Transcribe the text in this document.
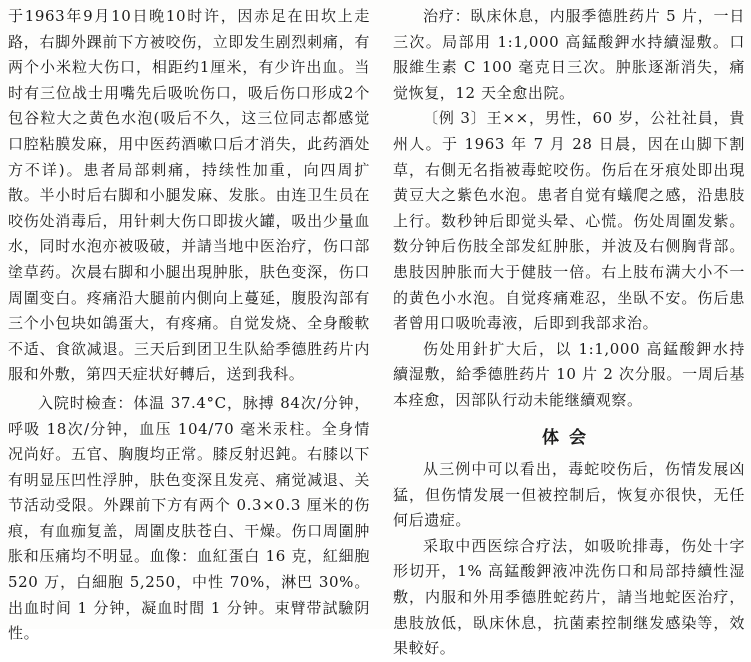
于1963年9月10日晚10时许，因赤足在田坎上走路，右脚外踝前下方被咬伤，立即发生剧烈刺痛，有两个小米粒大伤口，相距约1厘米，有少许出血。当时有三位战士用嘴先后吸吮伤口，吸后伤口形成2个包谷粒大之黄色水泡(吸后不久，这三位同志都感觉口腔粘膜发麻，用中医药酒嗽口后才消失，此药酒处方不详)。患者局部剌痛，持续性加重，向四周扩散。半小时后右脚和小腿发麻、发胀。由连卫生员在咬伤处消毒后，用针刺大伤口即拔火罐，吸出少量血水，同时水泡亦被吸破，并請当地中医治疗，伤口部塗草药。次晨右脚和小腿出現肿胀，肤色变深，伤口周圍变白。疼痛沿大腿前内側向上蔓延，腹股沟部有三个小包块如鴿蛋大，有疼痛。自觉发烧、全身酸軟不适、食欲减退。三天后到团卫生队給季德胜药片内服和外敷，第四天症状好轉后，送到我科。

入院时檢查：体温 37.4°C，脉搏 84次/分钟，呼吸 18次/分钟，血压 104/70 毫米汞柱。全身情况尚好。五官、胸腹均正常。膝反射迟鈍。右膝以下有明显压凹性浮肿，肤色变深且发亮、痛觉减退、关节活动受限。外踝前下方有两个 0.3×0.3 厘米的伤痕，有血痂复盖，周圍皮肤苍白、干燥。伤口周圍肿胀和压痛均不明显。血像：血紅蛋白 16 克，紅細胞 520 万，白細胞 5,250，中性 70%，淋巴 30%。出血时间 1 分钟，凝血时間 1 分钟。束臂带試驗阴性。

治疗：臥床休息，内服季德胜药片 5 片，一日三次。局部用 1:1,000 高錳酸鉀水持續湿敷。口服維生素 C 100 毫克日三次。肿胀逐渐消失，痛觉恢复，12 天全愈出院。

〔例 3〕王××，男性，60 岁，公社社員，貴州人。于 1963 年 7 月 28 日晨，因在山脚下割草，右側无名指被毒蛇咬伤。伤后在牙痕处即出現黄豆大之紫色水泡。患者自觉有蟻爬之感，沿患肢上行。数秒钟后即觉头晕、心慌。伤处周圍发紫。数分钟后伤肢全部发紅肿胀，并波及右侧胸背部。患肢因肿胀而大于健肢一倍。右上肢布满大小不一的黄色小水泡。自觉疼痛难忍，坐臥不安。伤后患者曾用口吸吮毒液，后即到我部求治。

伤处用針扩大后，以 1:1,000 高錳酸鉀水持續湿敷，給季德胜药片 10 片 2 次分服。一周后基本痊愈，因部队行动未能继續观察。

体会

从三例中可以看出，毒蛇咬伤后，伤情发展凶猛，但伤情发展一但被控制后，恢复亦很快，无任何后遗症。

采取中西医综合疗法，如吸吮排毒，伤处十字形切开，1% 高錳酸鉀液冲洗伤口和局部持續性湿敷，内服和外用季德胜蛇药片，請当地蛇医治疗，患肢放低，臥床休息，抗菌素控制继发感染等，效果較好。
